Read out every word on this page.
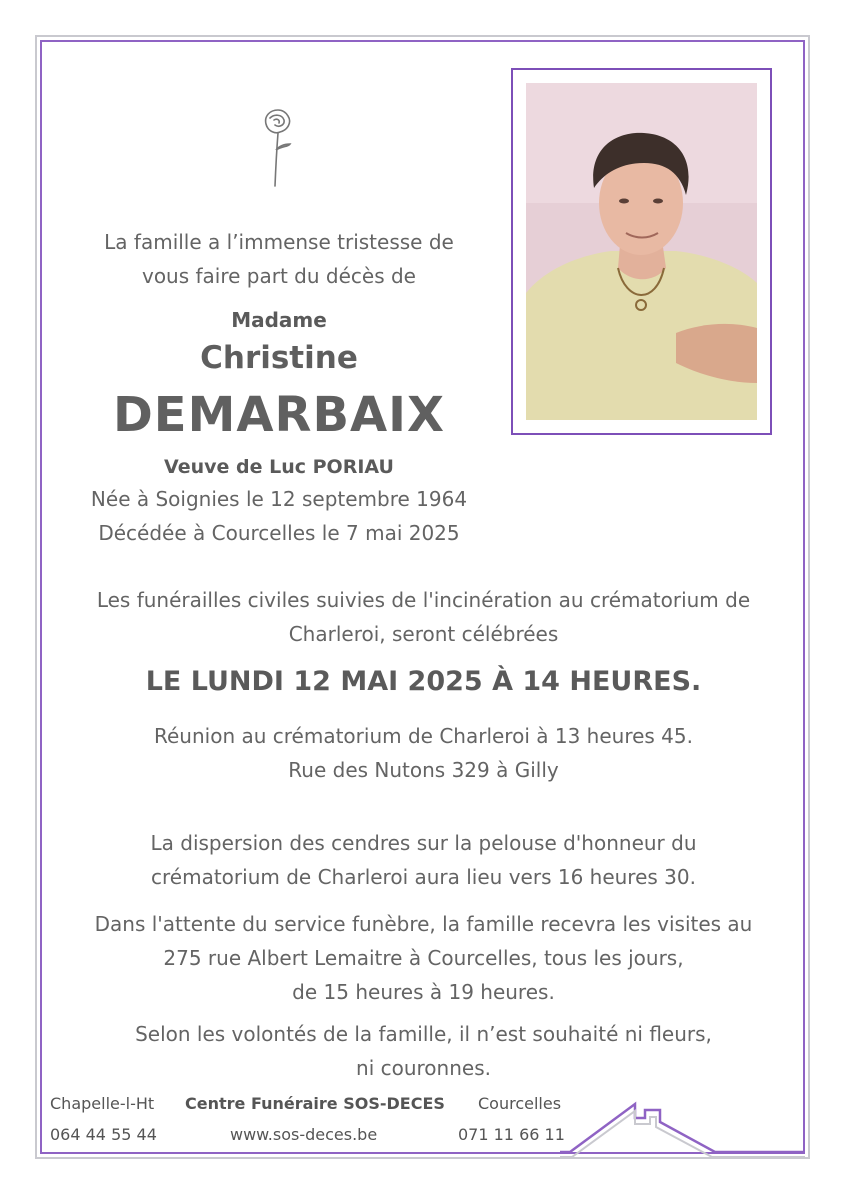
La famille a l’immense tristesse de
vous faire part du décès de
Madame
Christine
DEMARBAIX
Veuve de Luc PORIAU
Née à Soignies le 12 septembre 1964
Décédée à Courcelles le 7 mai 2025
Les funérailles civiles suivies de l'incinération au crématorium de
Charleroi, seront célébrées
LE LUNDI 12 MAI 2025 À 14 HEURES.
Réunion au crématorium de Charleroi à 13 heures 45.
Rue des Nutons 329 à Gilly
La dispersion des cendres sur la pelouse d'honneur du
crématorium de Charleroi aura lieu vers 16 heures 30.
Dans l'attente du service funèbre, la famille recevra les visites au
275 rue Albert Lemaitre à Courcelles, tous les jours,
de 15 heures à 19 heures.
Selon les volontés de la famille, il n’est souhaité ni fleurs,
ni couronnes.
Chapelle-l-Ht
064 44 55 44
Centre Funéraire SOS-DECES
www.sos-deces.be
Courcelles
071 11 66 11
